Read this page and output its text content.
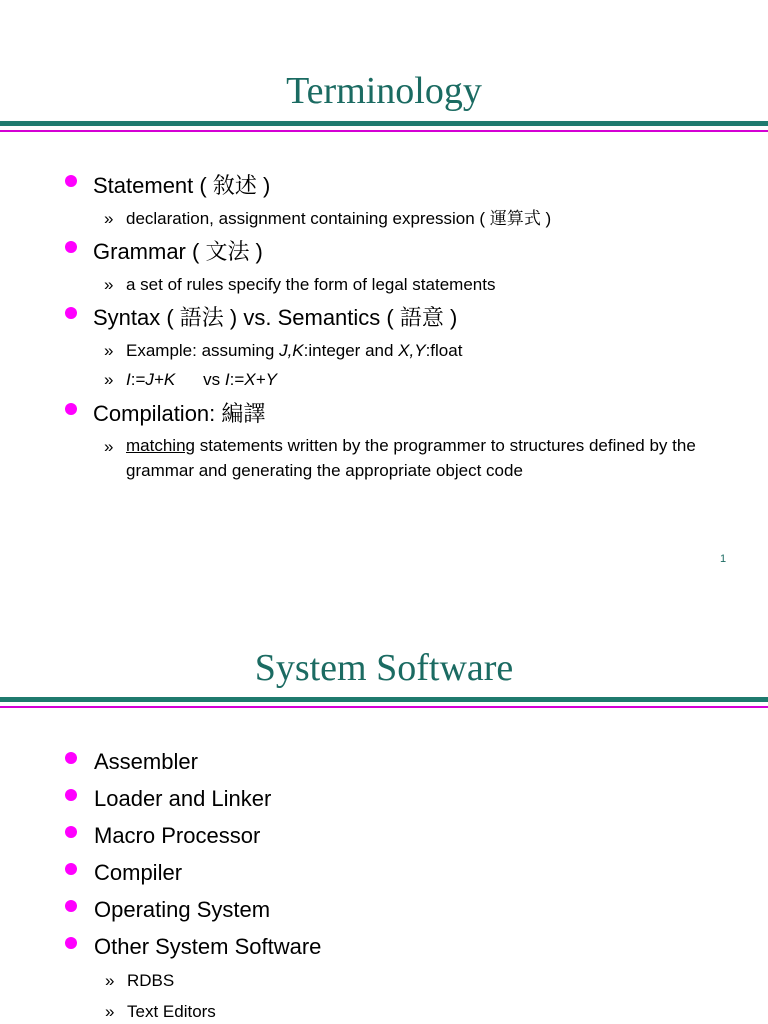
Terminology
Statement ( 敘述 )
» declaration, assignment containing expression ( 運算式 )
Grammar ( 文法 )
» a set of rules specify the form of legal statements
Syntax ( 語法 ) vs. Semantics ( 語意 )
» Example: assuming J,K:integer and X,Y:float
» I:=J+K vs I:=X+Y
Compilation: 編譯
» matching statements written by the programmer to structures defined by the grammar and generating the appropriate object code
1
System Software
Assembler
Loader and Linker
Macro Processor
Compiler
Operating System
Other System Software
» RDBS
» Text Editors
